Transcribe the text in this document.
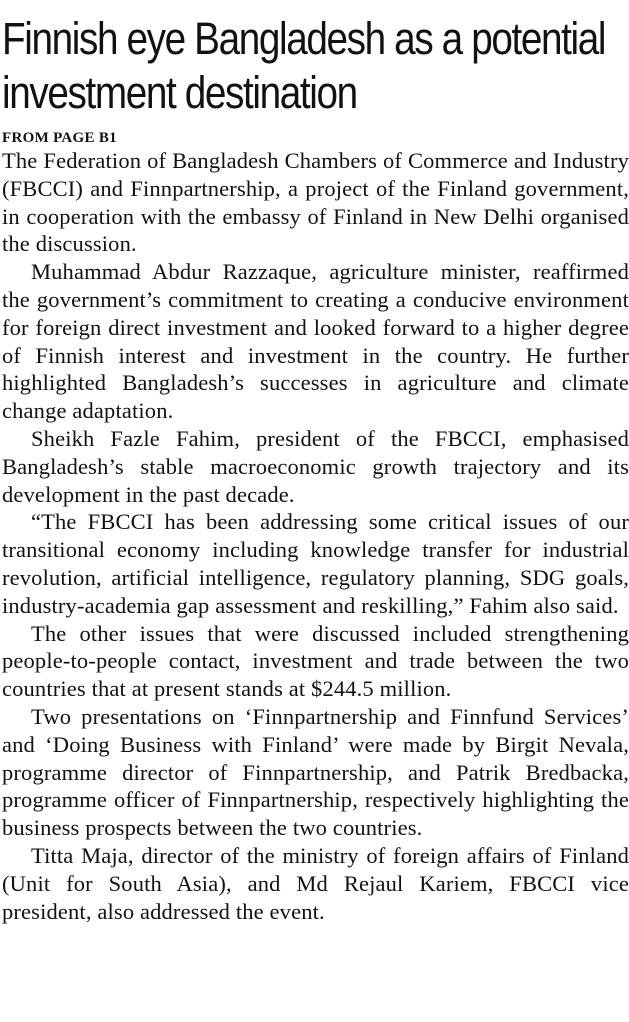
Finnish eye Bangladesh as a potential investment destination
FROM PAGE B1

The Federation of Bangladesh Chambers of Commerce and Industry (FBCCI) and Finnpartnership, a project of the Finland government, in cooperation with the embassy of Finland in New Delhi organised the discussion.

Muhammad Abdur Razzaque, agriculture minister, reaffirmed the government’s commitment to creating a conducive environment for foreign direct investment and looked forward to a higher degree of Finnish interest and investment in the country. He further highlighted Bangladesh’s successes in agriculture and climate change adaptation.

Sheikh Fazle Fahim, president of the FBCCI, emphasised Bangladesh’s stable macroeconomic growth trajectory and its development in the past decade.

“The FBCCI has been addressing some critical issues of our transitional economy including knowledge transfer for industrial revolution, artificial intelligence, regulatory planning, SDG goals, industry-academia gap assessment and reskilling,” Fahim also said.

The other issues that were discussed included strengthening people-to-people contact, investment and trade between the two countries that at present stands at $244.5 million.

Two presentations on ‘Finnpartnership and Finnfund Services’ and ‘Doing Business with Finland’ were made by Birgit Nevala, programme director of Finnpartnership, and Patrik Bredbacka, programme officer of Finnpartnership, respectively highlighting the business prospects between the two countries.

Titta Maja, director of the ministry of foreign affairs of Finland (Unit for South Asia), and Md Rejaul Kariem, FBCCI vice president, also addressed the event.
